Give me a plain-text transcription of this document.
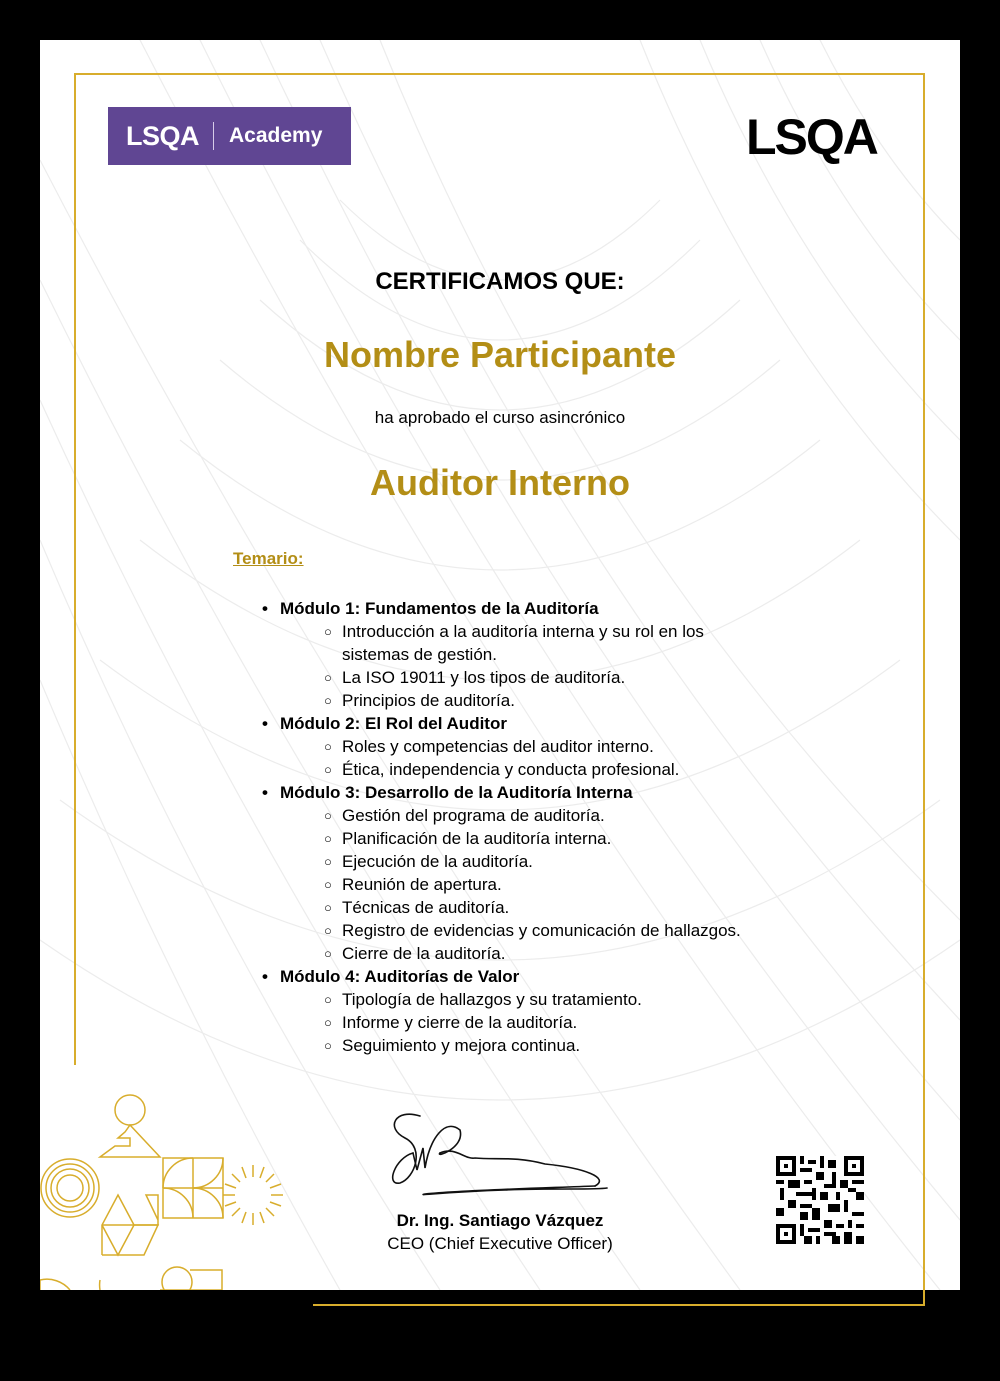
LSQA Academy	LSQA
CERTIFICAMOS QUE:
Nombre Participante
ha aprobado el curso asincrónico
Auditor Interno
Temario:
• Módulo 1: Fundamentos de la Auditoría
○ Introducción a la auditoría interna y su rol en los sistemas de gestión.
○ La ISO 19011 y los tipos de auditoría.
○ Principios de auditoría.
• Módulo 2: El Rol del Auditor
○ Roles y competencias del auditor interno.
○ Ética, independencia y conducta profesional.
• Módulo 3: Desarrollo de la Auditoría Interna
○ Gestión del programa de auditoría.
○ Planificación de la auditoría interna.
○ Ejecución de la auditoría.
○ Reunión de apertura.
○ Técnicas de auditoría.
○ Registro de evidencias y comunicación de hallazgos.
○ Cierre de la auditoría.
• Módulo 4: Auditorías de Valor
○ Tipología de hallazgos y su tratamiento.
○ Informe y cierre de la auditoría.
○ Seguimiento y mejora continua.
Dr. Ing. Santiago Vázquez
CEO (Chief Executive Officer)
